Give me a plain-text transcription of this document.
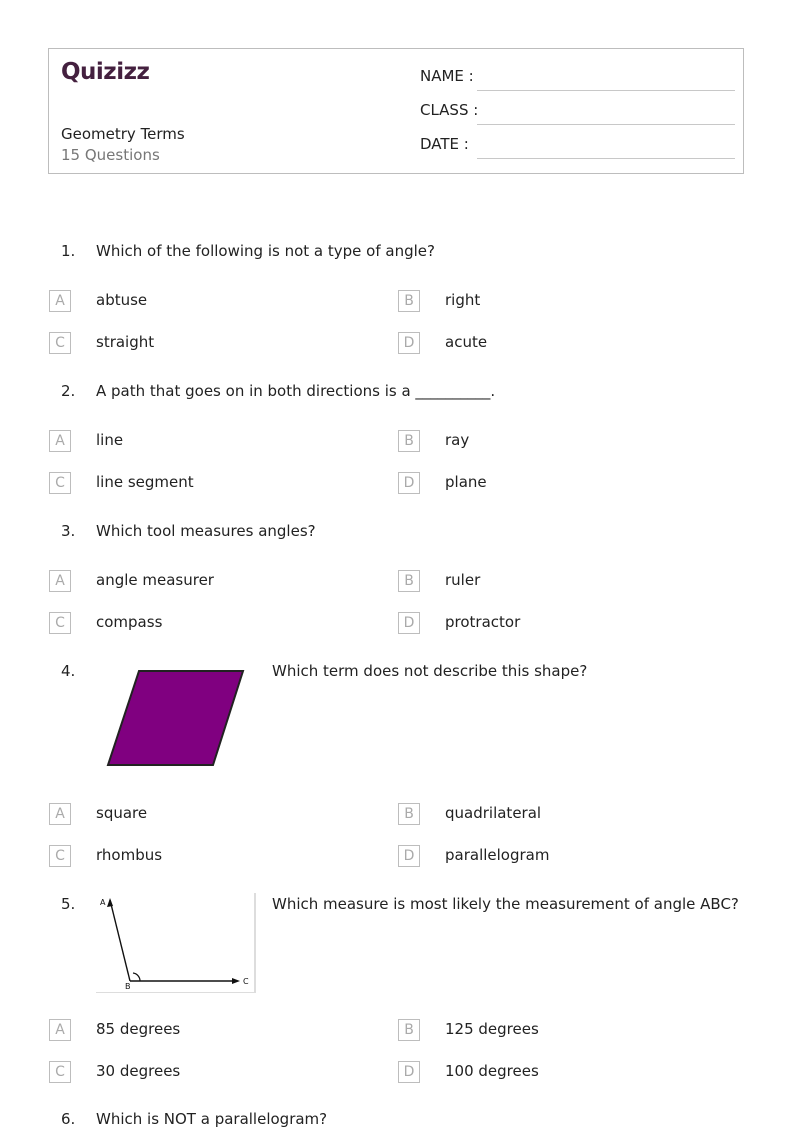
Quizizz
Geometry Terms
15 Questions
NAME :
CLASS :
DATE :
1. Which of the following is not a type of angle?
A	abtuse	B	right
C	straight	D	acute
2. A path that goes on in both directions is a __________.
A	line	B	ray
C	line segment	D	plane
3. Which tool measures angles?
A	angle measurer	B	ruler
C	compass	D	protractor
4.	Which term does not describe this shape?
A	square	B	quadrilateral
C	rhombus	D	parallelogram
5.	A
B
C
Which measure is most likely the measurement of angle ABC?
A	85 degrees	B	125 degrees
C	30 degrees	D	100 degrees
6. Which is NOT a parallelogram?
